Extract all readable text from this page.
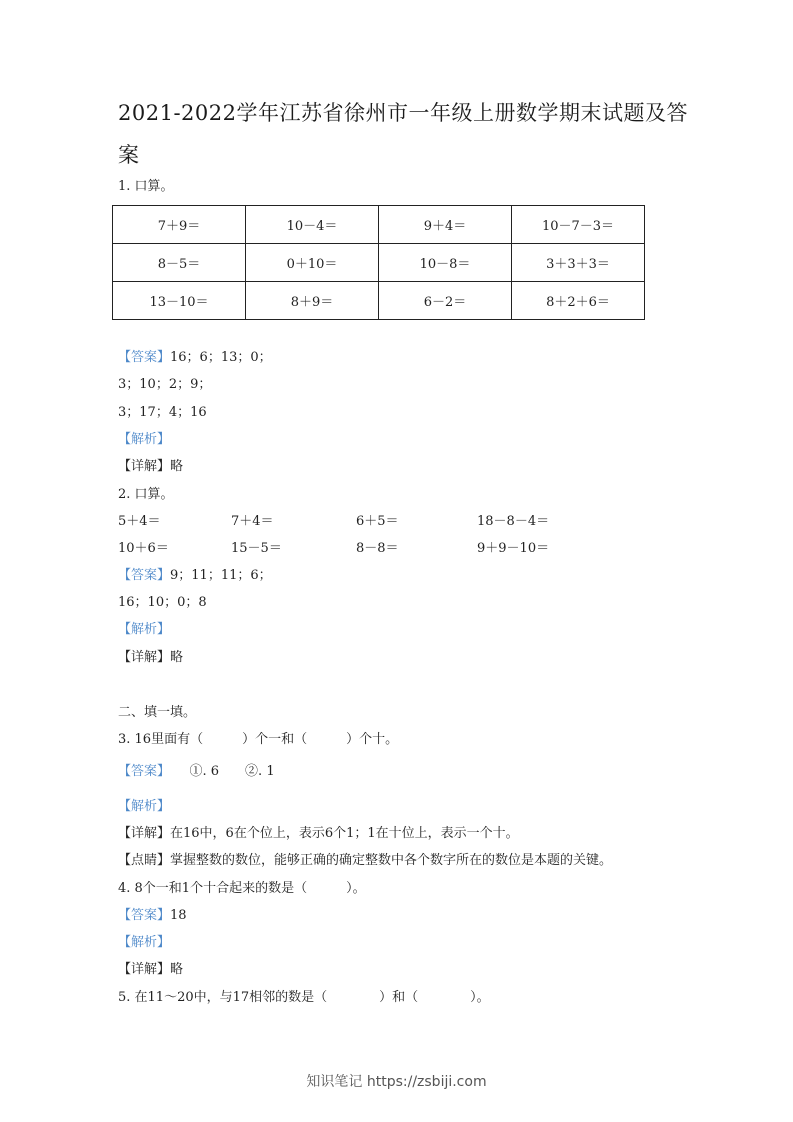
2021-2022学年江苏省徐州市一年级上册数学期末试题及答案
1. 口算。
7＋9＝	10－4＝	9＋4＝	10－7－3＝
8－5＝	0＋10＝	10－8＝	3＋3＋3＝
13－10＝	8＋9＝	6－2＝	8＋2＋6＝
【答案】16；6；13；0；
3；10；2；9；
3；17；4；16
【解析】
【详解】略
2. 口算。
5＋4＝	7＋4＝	6＋5＝	18－8－4＝
10＋6＝	15－5＝	8－8＝	9＋9－10＝
【答案】9；11；11；6；
16；10；0；8
【解析】
【详解】略
二、填一填。
3. 16里面有（　　　）个一和（　　　）个十。
【答案】　　①. 6　　②. 1
【解析】
【详解】在16中，6在个位上，表示6个1；1在十位上，表示一个十。
【点睛】掌握整数的数位，能够正确的确定整数中各个数字所在的数位是本题的关键。
4. 8个一和1个十合起来的数是（　　　）。
【答案】18
【解析】
【详解】略
5. 在11～20中，与17相邻的数是（　　　　）和（　　　　）。
知识笔记 https://zsbiji.com
